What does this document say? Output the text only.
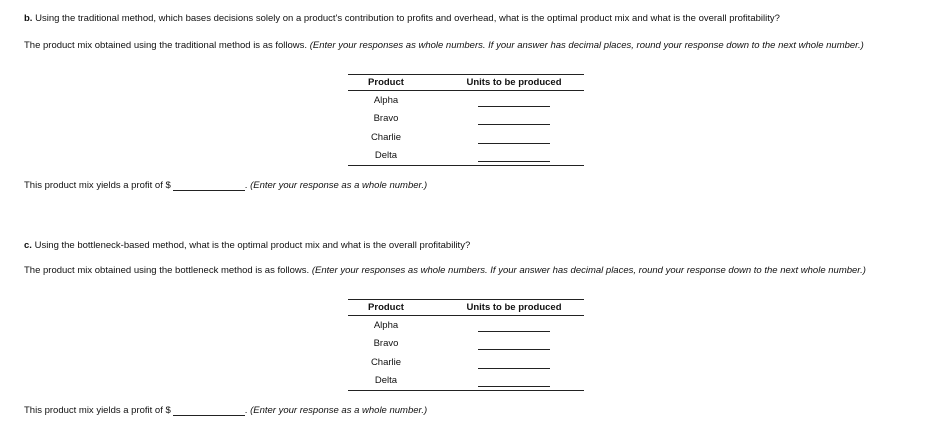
b. Using the traditional method, which bases decisions solely on a product's contribution to profits and overhead, what is the optimal product mix and what is the overall profitability?
The product mix obtained using the traditional method is as follows. (Enter your responses as whole numbers. If your answer has decimal places, round your response down to the next whole number.)
Product		Units to be produced
Alpha		
Bravo		
Charlie		
Delta		
This product mix yields a profit of $	. (Enter your response as a whole number.)
c. Using the bottleneck-based method, what is the optimal product mix and what is the overall profitability?
The product mix obtained using the bottleneck method is as follows. (Enter your responses as whole numbers. If your answer has decimal places, round your response down to the next whole number.)
Product		Units to be produced
Alpha		
Bravo		
Charlie		
Delta		
This product mix yields a profit of $	. (Enter your response as a whole number.)
